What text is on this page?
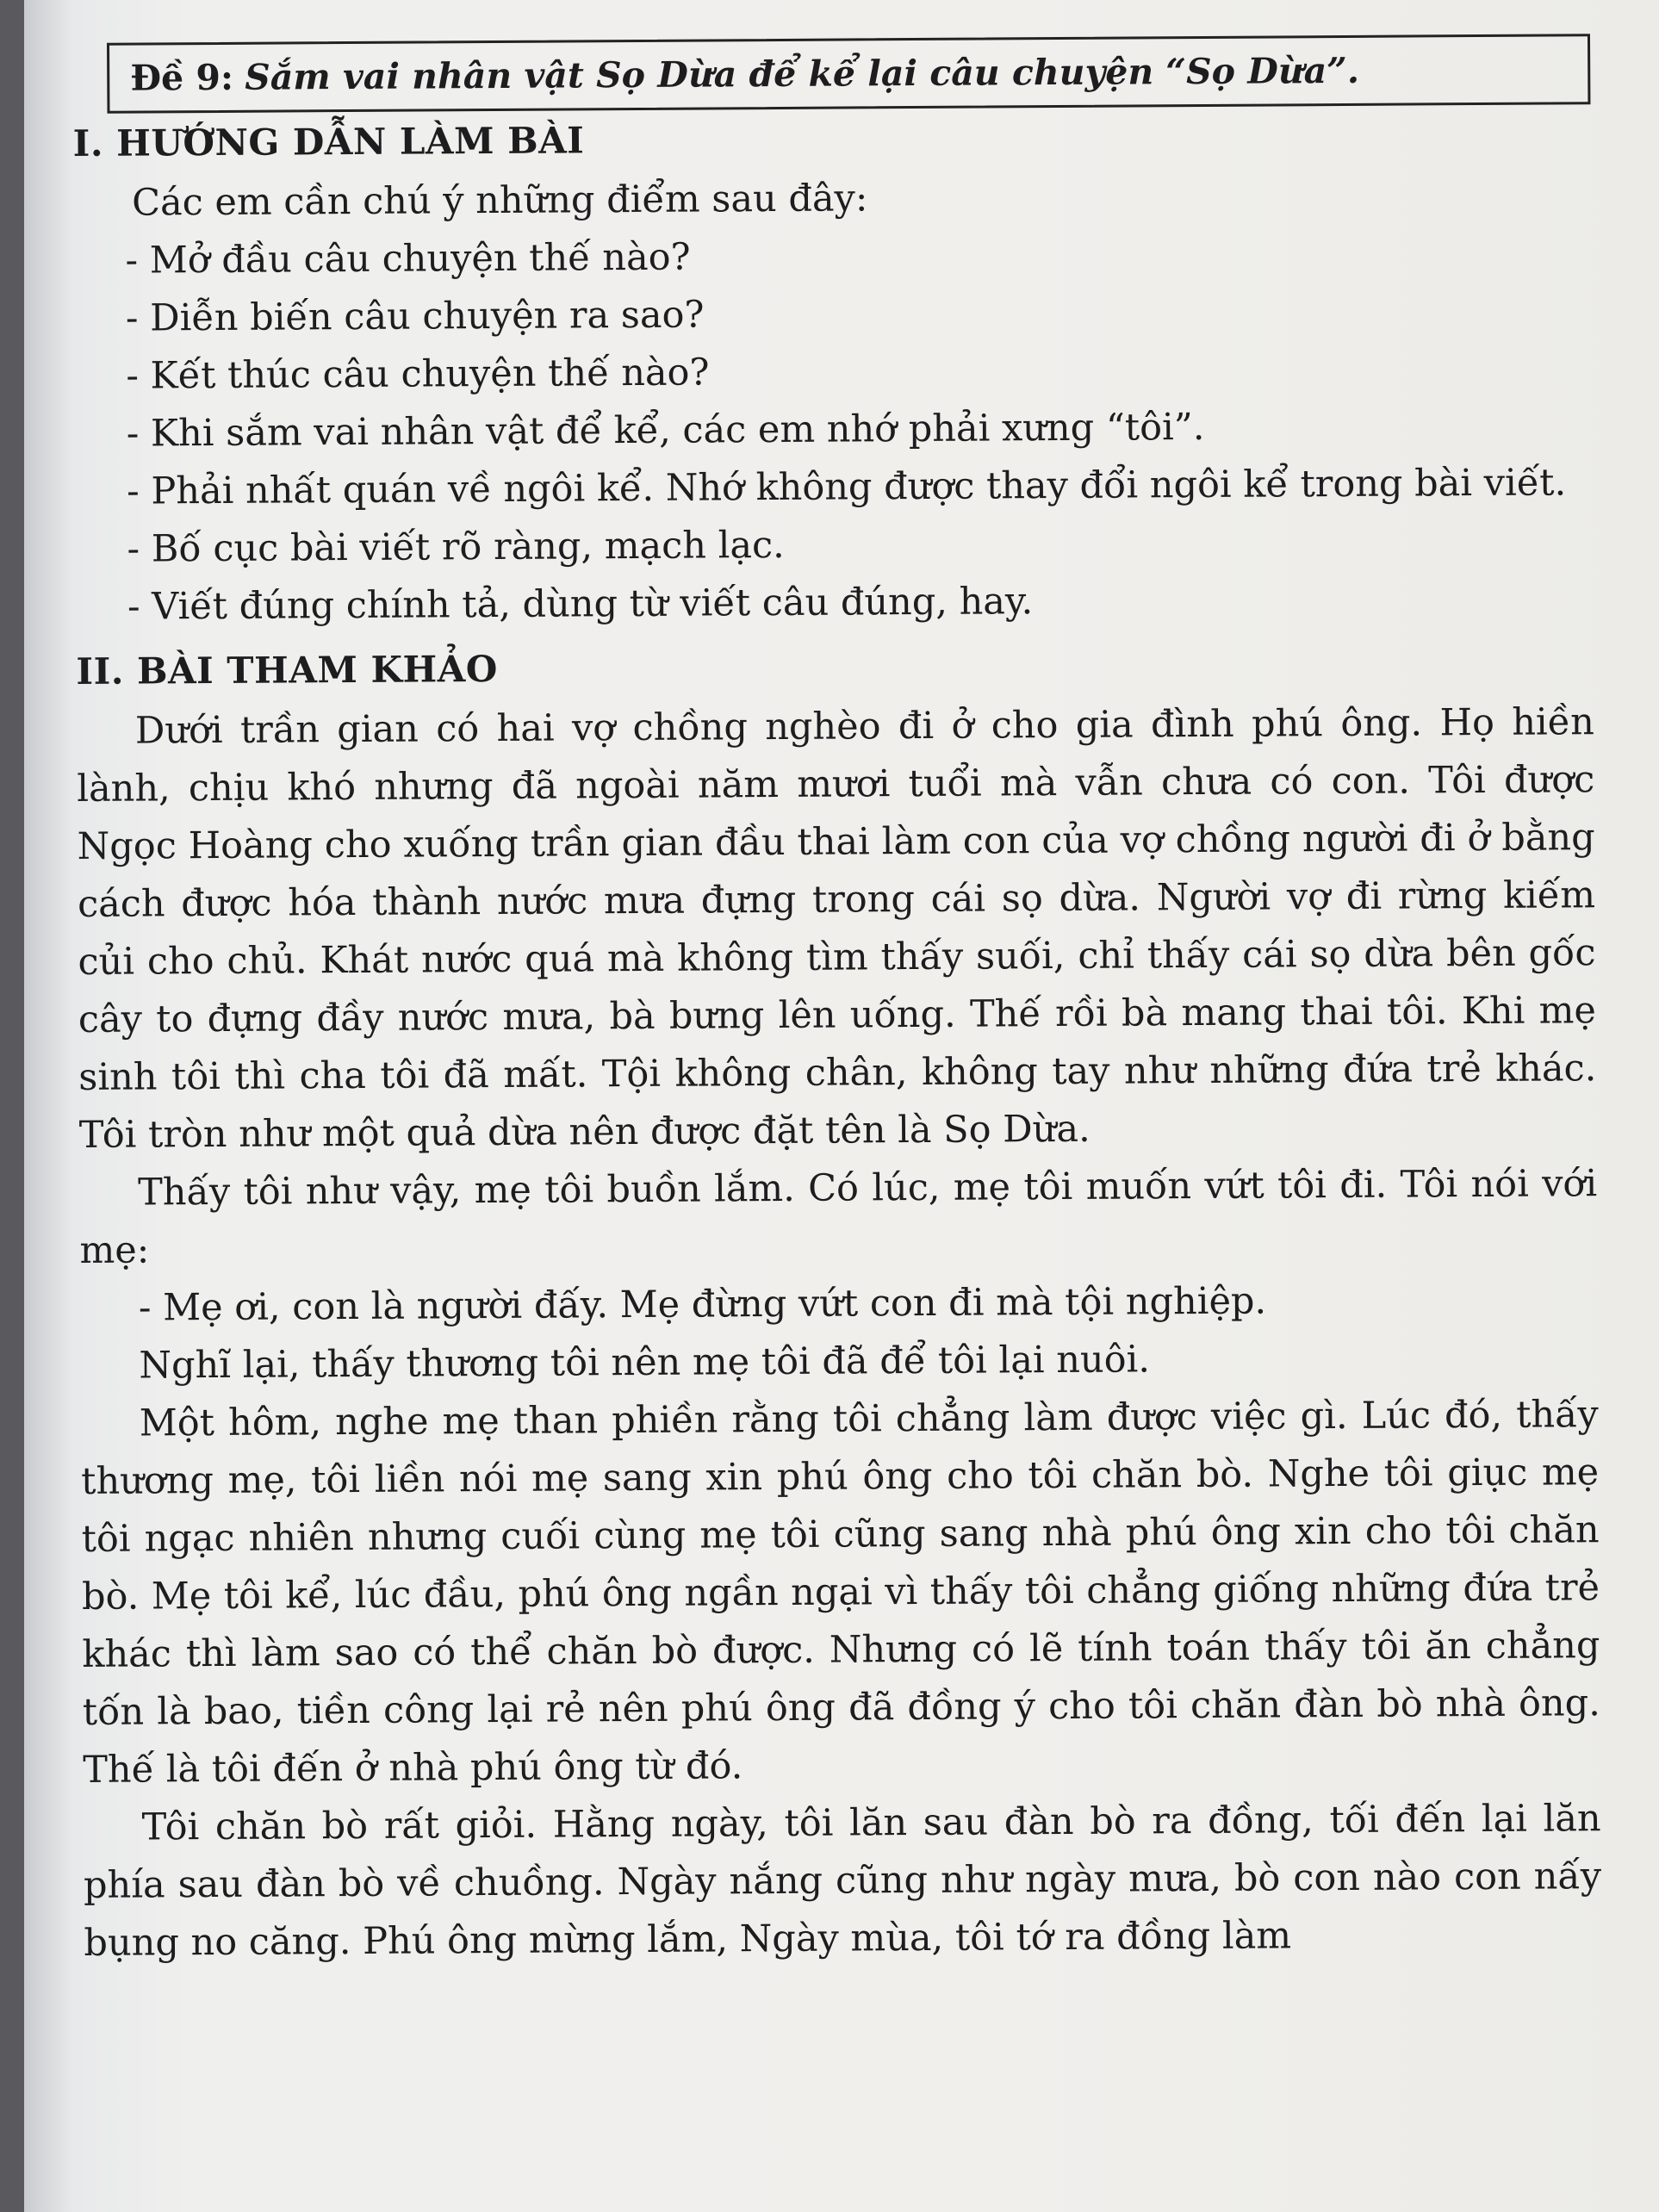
Đề 9: Sắm vai nhân vật Sọ Dừa để kể lại câu chuyện “Sọ Dừa”.
I. HƯỚNG DẪN LÀM BÀI

Các em cần chú ý những điểm sau đây:

- Mở đầu câu chuyện thế nào?

- Diễn biến câu chuyện ra sao?

- Kết thúc câu chuyện thế nào?

- Khi sắm vai nhân vật để kể, các em nhớ phải xưng “tôi”.

- Phải nhất quán về ngôi kể. Nhớ không được thay đổi ngôi kể trong bài viết.

- Bố cục bài viết rõ ràng, mạch lạc.

- Viết đúng chính tả, dùng từ viết câu đúng, hay.

II. BÀI THAM KHẢO

Dưới trần gian có hai vợ chồng nghèo đi ở cho gia đình phú ông. Họ hiền lành, chịu khó nhưng đã ngoài năm mươi tuổi mà vẫn chưa có con. Tôi được Ngọc Hoàng cho xuống trần gian đầu thai làm con của vợ chồng người đi ở bằng cách được hóa thành nước mưa đựng trong cái sọ dừa. Người vợ đi rừng kiếm củi cho chủ. Khát nước quá mà không tìm thấy suối, chỉ thấy cái sọ dừa bên gốc cây to đựng đầy nước mưa, bà bưng lên uống. Thế rồi bà mang thai tôi. Khi mẹ sinh tôi thì cha tôi đã mất. Tội không chân, không tay như những đứa trẻ khác. Tôi tròn như một quả dừa nên được đặt tên là Sọ Dừa.

Thấy tôi như vậy, mẹ tôi buồn lắm. Có lúc, mẹ tôi muốn vứt tôi đi. Tôi nói với mẹ:

- Mẹ ơi, con là người đấy. Mẹ đừng vứt con đi mà tội nghiệp.

Nghĩ lại, thấy thương tôi nên mẹ tôi đã để tôi lại nuôi.

Một hôm, nghe mẹ than phiền rằng tôi chẳng làm được việc gì. Lúc đó, thấy thương mẹ, tôi liền nói mẹ sang xin phú ông cho tôi chăn bò. Nghe tôi giục mẹ tôi ngạc nhiên nhưng cuối cùng mẹ tôi cũng sang nhà phú ông xin cho tôi chăn bò. Mẹ tôi kể, lúc đầu, phú ông ngần ngại vì thấy tôi chẳng giống những đứa trẻ khác thì làm sao có thể chăn bò được. Nhưng có lẽ tính toán thấy tôi ăn chẳng tốn là bao, tiền công lại rẻ nên phú ông đã đồng ý cho tôi chăn đàn bò nhà ông. Thế là tôi đến ở nhà phú ông từ đó.

Tôi chăn bò rất giỏi. Hằng ngày, tôi lăn sau đàn bò ra đồng, tối đến lại lăn phía sau đàn bò về chuồng. Ngày nắng cũng như ngày mưa, bò con nào con nấy bụng no căng. Phú ông mừng lắm, Ngày mùa, tôi tớ ra đồng làm
